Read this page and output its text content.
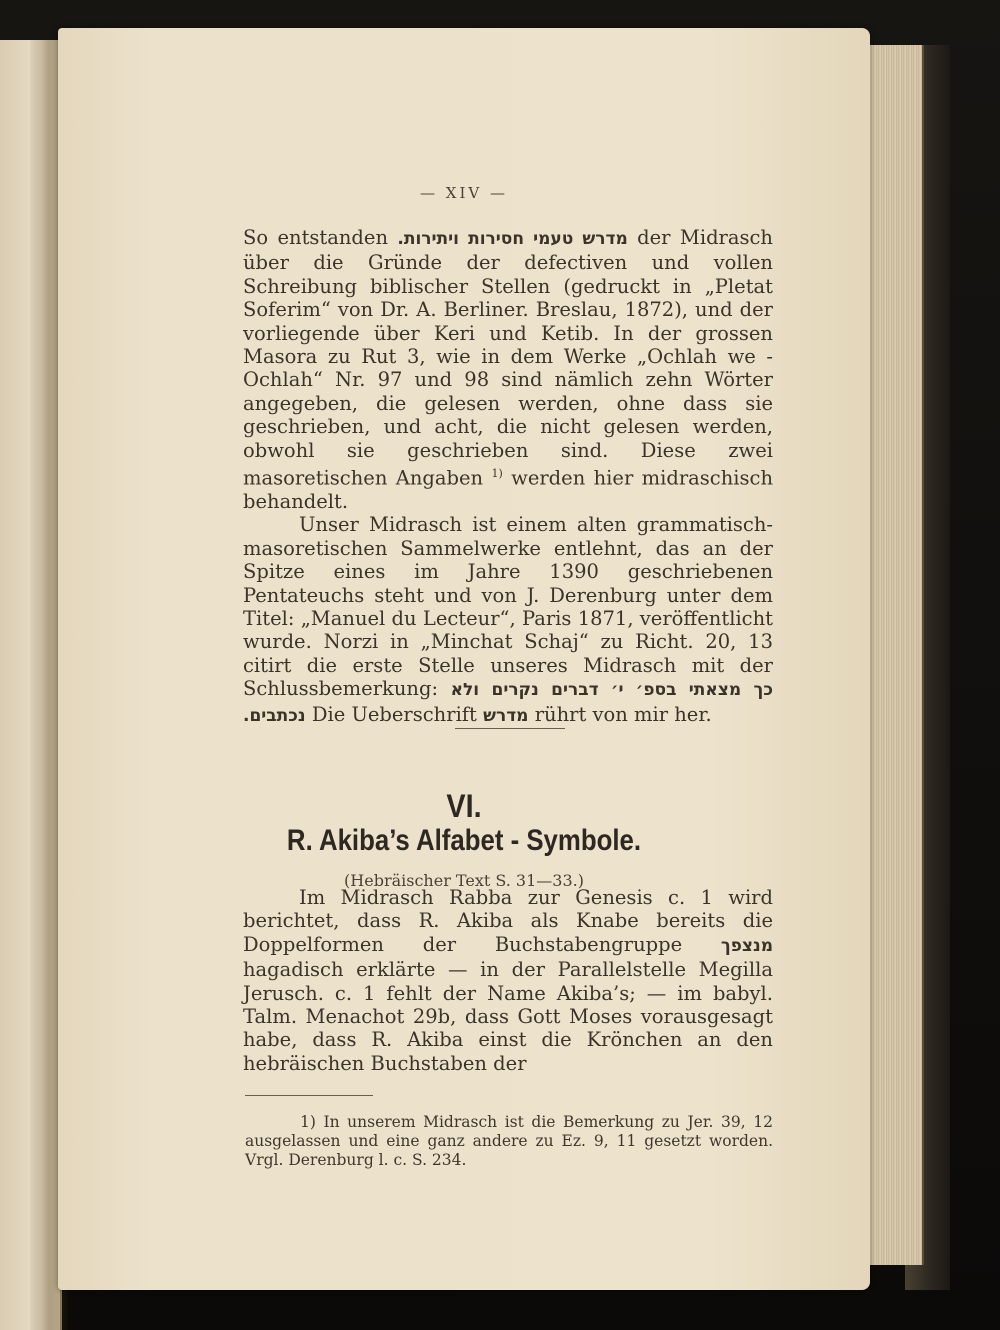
— XIV —

So entstanden מדרש טעמי חסירות ויתירות. der Midrasch über die Gründe der defectiven und vollen Schreibung biblischer Stellen (gedruckt in „Pletat Soferim“ von Dr. A. Berliner. Breslau, 1872), und der vorliegende über Keri und Ketib. In der grossen Masora zu Rut 3, wie in dem Werke „Ochlah we - Ochlah“ Nr. 97 und 98 sind nämlich zehn Wörter angegeben, die gelesen werden, ohne dass sie geschrieben, und acht, die nicht gelesen werden, obwohl sie geschrieben sind. Diese zwei masoretischen Angaben $^{1)}$ werden hier midraschisch behandelt.

Unser Midrasch ist einem alten grammatisch-masoretischen Sammelwerke entlehnt, das an der Spitze eines im Jahre 1390 geschriebenen Pentateuchs steht und von J. Derenburg unter dem Titel: „Manuel du Lecteur“, Paris 1871, veröffentlicht wurde. Norzi in „Minchat Schaj“ zu Richt. 20, 13 citirt die erste Stelle unseres Midrasch mit der Schlussbemerkung: כך מצאתי בספ׳ י׳ דברים נקרים ולא נכתבים. Die Ueberschrift מדרש rührt von mir her.

VI.
R. Akiba’s Alfabet - Symbole.
(Hebräischer Text S. 31—33.)

Im Midrasch Rabba zur Genesis c. 1 wird berichtet, dass R. Akiba als Knabe bereits die Doppelformen der Buchstabengruppe מנצפך hagadisch erklärte — in der Parallelstelle Megilla Jerusch. c. 1 fehlt der Name Akiba’s; — im babyl. Talm. Menachot 29b, dass Gott Moses vorausgesagt habe, dass R. Akiba einst die Krönchen an den hebräischen Buchstaben der

1) In unserem Midrasch ist die Bemerkung zu Jer. 39, 12 ausgelassen und eine ganz andere zu Ez. 9, 11 gesetzt worden. Vrgl. Derenburg l. c. S. 234.
